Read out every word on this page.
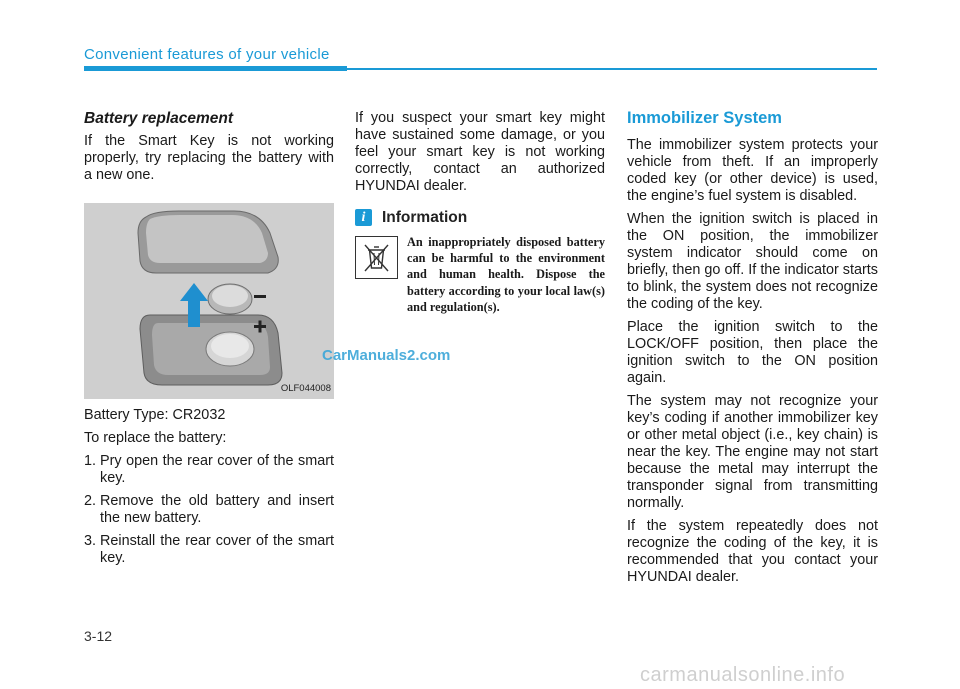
Convenient features of your vehicle
Battery replacement
If the Smart Key is not working properly, try replacing the battery with a new one.
OLF044008
Battery Type: CR2032
To replace the battery:
1. Pry open the rear cover of the smart key.
2. Remove the old battery and insert the new battery.
3. Reinstall the rear cover of the smart key.
CarManuals2.com
If you suspect your smart key might have sustained some damage, or you feel your smart key is not working correctly, contact an authorized HYUNDAI dealer.
i	Information
An inappropriately disposed battery can be harmful to the environment and human health. Dispose the battery according to your local law(s) and regulation(s).
Immobilizer System
The immobilizer system protects your vehicle from theft. If an improperly coded key (or other device) is used, the engine’s fuel system is disabled.
When the ignition switch is placed in the ON position, the immobilizer system indicator should come on briefly, then go off. If the indicator starts to blink, the system does not recognize the coding of the key.
Place the ignition switch to the LOCK/OFF position, then place the ignition switch to the ON position again.
The system may not recognize your key’s coding if another immobilizer key or other metal object (i.e., key chain) is near the key. The engine may not start because the metal may interrupt the transponder signal from transmitting normally.
If the system repeatedly does not recognize the coding of the key, it is recommended that you contact your HYUNDAI dealer.
3-12
carmanualsonline.info
